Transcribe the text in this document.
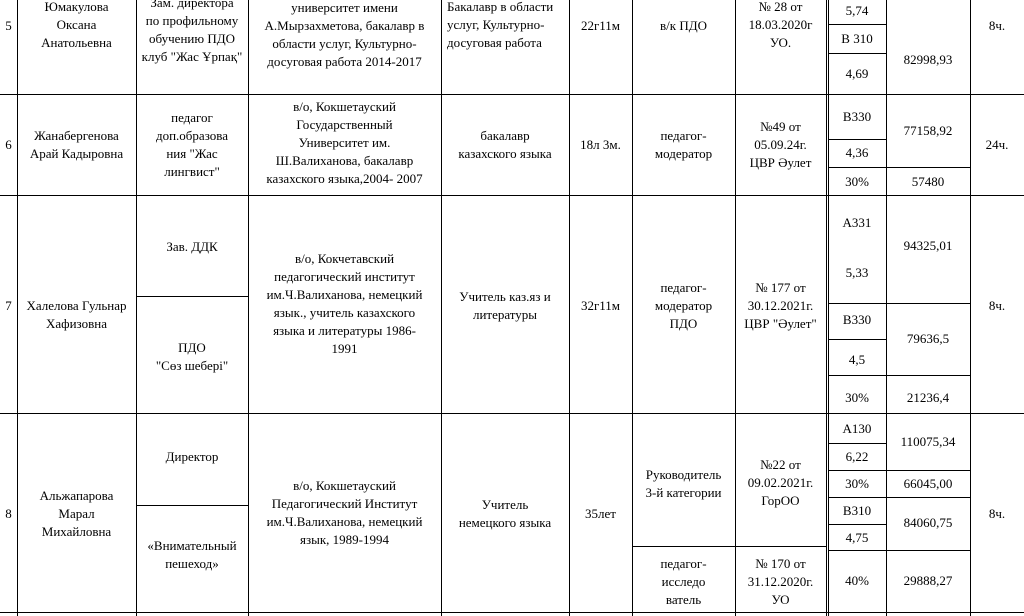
5
Юмакулова
Оксана
Анатольевна
Зам. директора
по профильному
обучению ПДО
клуб "Жас Ұрпақ"
университет имени
А.Мырзахметова, бакалавр в
области услуг, Культурно-
досуговая работа 2014-2017
Бакалавр в области
услуг, Культурно-
досуговая работа
22г11м	в/к ПДО
№ 28 от
18.03.2020г
УО.
5,74
В 310
4,69
82998,93
8ч.
6
Жанабергенова
Арай Кадыровна
педагог
доп.образова
ния "Жас
лингвист"
в/о, Кокшетауский
Государственный
Университет им.
Ш.Валиханова, бакалавр
казахского языка,2004- 2007
бакалавр
казахского языка
18л 3м.
педагог-
модератор
№49 от
05.09.24г.
ЦВР Әулет
В330
4,36
30%
77158,92
57480
24ч.
7	Халелова Гульнар
Хафизовна
Зав. ДДК
ПДО
"Сөз шебері"
в/о, Кокчетавский
педагогический институт
им.Ч.Валиханова, немецкий
язык., учитель казахского
языка и литературы 1986-
1991
Учитель каз.яз и
литературы
32г11м
педагог-
модератор
ПДО
№ 177 от
30.12.2021г.
ЦВР "Әулет"
А331
5,33
В330
4,5
30%
94325,01
79636,5
21236,4
8ч.
8
Альжапарова
Марал
Михайловна
Директор
«Внимательный
пешеход»
в/о, Кокшетауский
Педагогический Институт
им.Ч.Валиханова, немецкий
язык, 1989-1994
Учитель
немецкого языка
35лет
Руководитель
3-й категории
педагог-
исследо
ватель
№22 от
09.02.2021г.
ГорОО
№ 170 от
31.12.2020г.
УО
А130
6,22
30%
В310
4,75
40%
110075,34
66045,00
84060,75
29888,27
8ч.
